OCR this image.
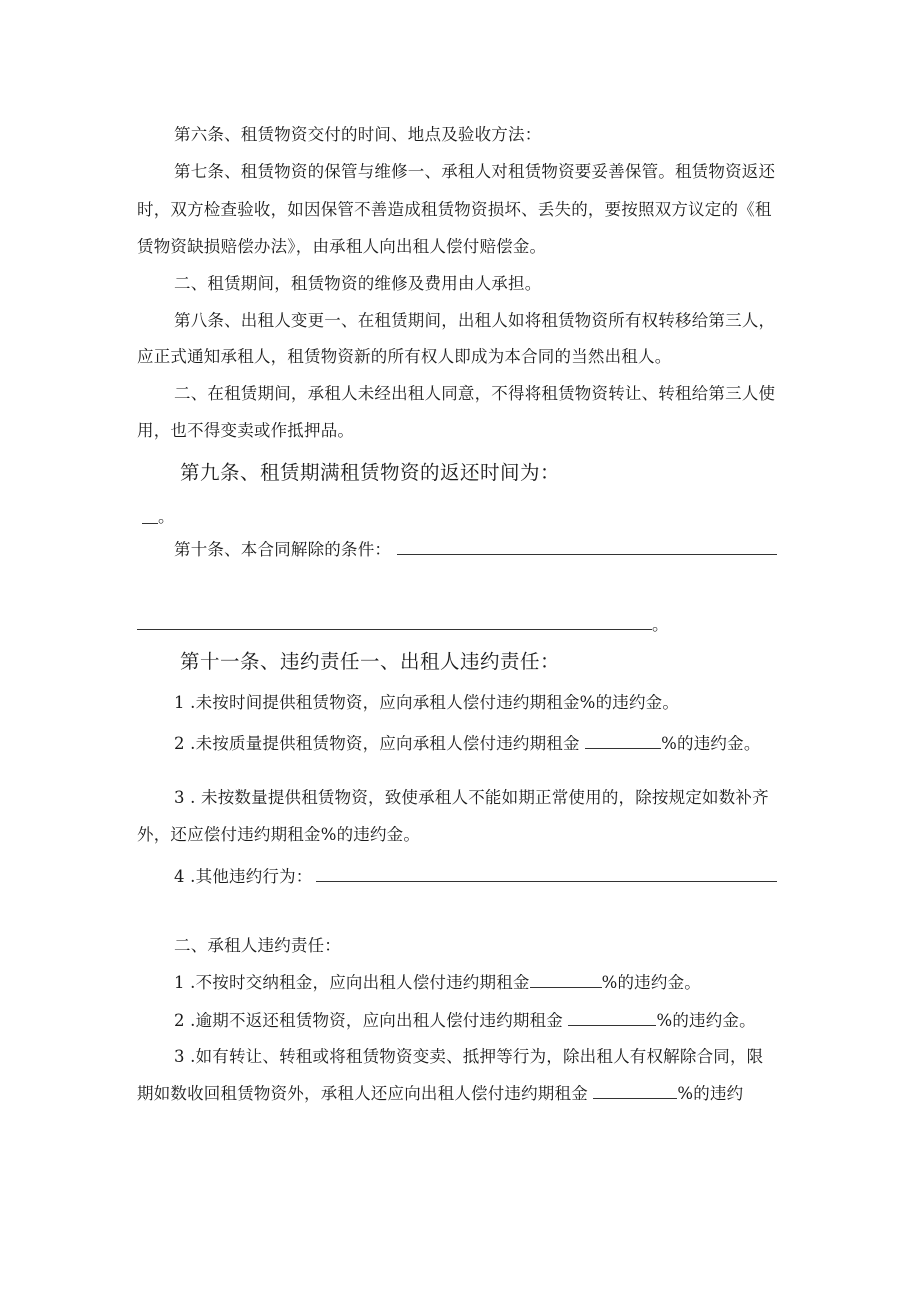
第六条、租赁物资交付的时间、地点及验收方法：
第七条、租赁物资的保管与维修一、承租人对租赁物资要妥善保管。租赁物资返还
时，双方检查验收，如因保管不善造成租赁物资损坏、丢失的，要按照双方议定的《租
赁物资缺损赔偿办法》，由承租人向出租人偿付赔偿金。
二、租赁期间，租赁物资的维修及费用由人承担。
第八条、出租人变更一、在租赁期间，出租人如将租赁物资所有权转移给第三人，
应正式通知承租人，租赁物资新的所有权人即成为本合同的当然出租人。
二、在租赁期间，承租人未经出租人同意，不得将租赁物资转让、转租给第三人使
用，也不得变卖或作抵押品。
第九条、租赁期满租赁物资的返还时间为：
。
第十条、本合同解除的条件：
。
第十一条、违约责任一、出租人违约责任：
1 .未按时间提供租赁物资，应向承租人偿付违约期租金%的违约金。
2 .未按质量提供租赁物资，应向承租人偿付违约期租金	%的违约金。
3 . 未按数量提供租赁物资，致使承租人不能如期正常使用的，除按规定如数补齐
外，还应偿付违约期租金%的违约金。
4 .其他违约行为：
二、承租人违约责任：
1 .不按时交纳租金，应向出租人偿付违约期租金	%的违约金。
2 .逾期不返还租赁物资，应向出租人偿付违约期租金	%的违约金。
3 .如有转让、转租或将租赁物资变卖、抵押等行为，除出租人有权解除合同，限
期如数收回租赁物资外，承租人还应向出租人偿付违约期租金	%的违约
